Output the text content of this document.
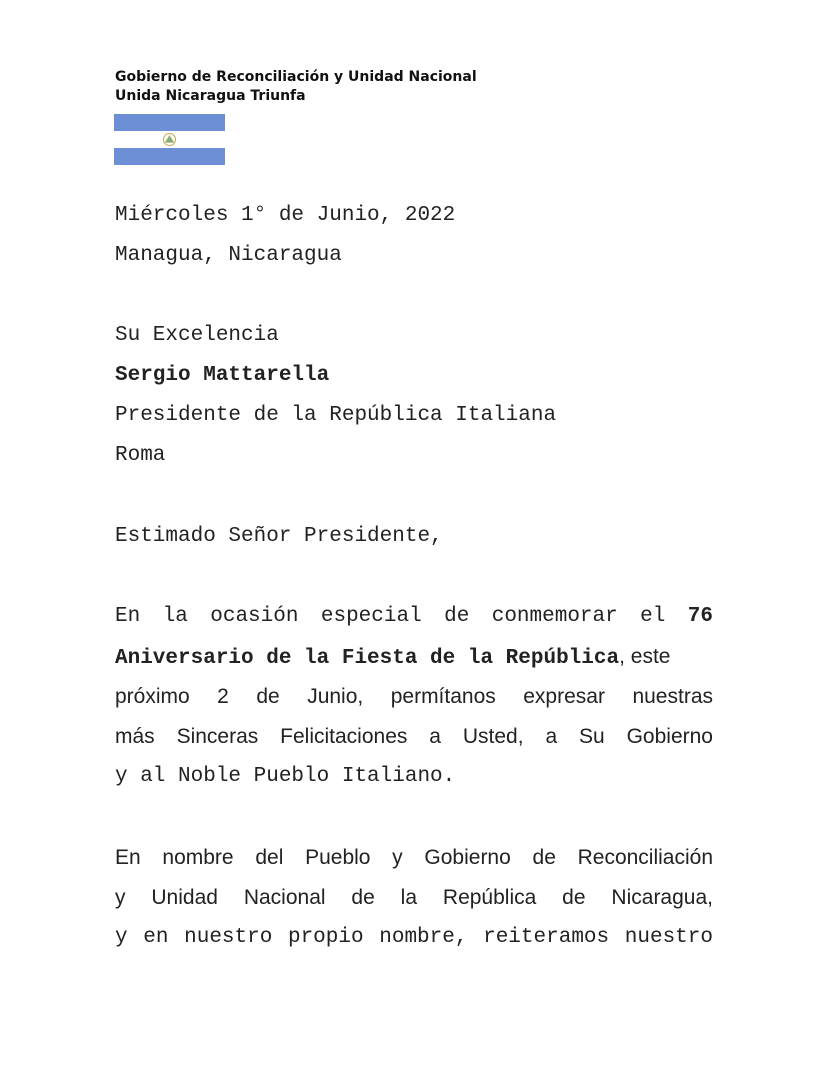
Gobierno de Reconciliación y Unidad Nacional
Unida Nicaragua Triunfa
Miércoles 1° de Junio, 2022
Managua, Nicaragua
Su Excelencia
Sergio Mattarella
Presidente de la República Italiana
Roma
Estimado Señor Presidente,
En la ocasión especial de conmemorar el 76
Aniversario de la Fiesta de la República, este
próximo 2 de Junio, permítanos expresar nuestras
más Sinceras Felicitaciones a Usted, a Su Gobierno
y al Noble Pueblo Italiano.
En nombre del Pueblo y Gobierno de Reconciliación
y Unidad Nacional de la República de Nicaragua,
y en nuestro propio nombre, reiteramos nuestro
